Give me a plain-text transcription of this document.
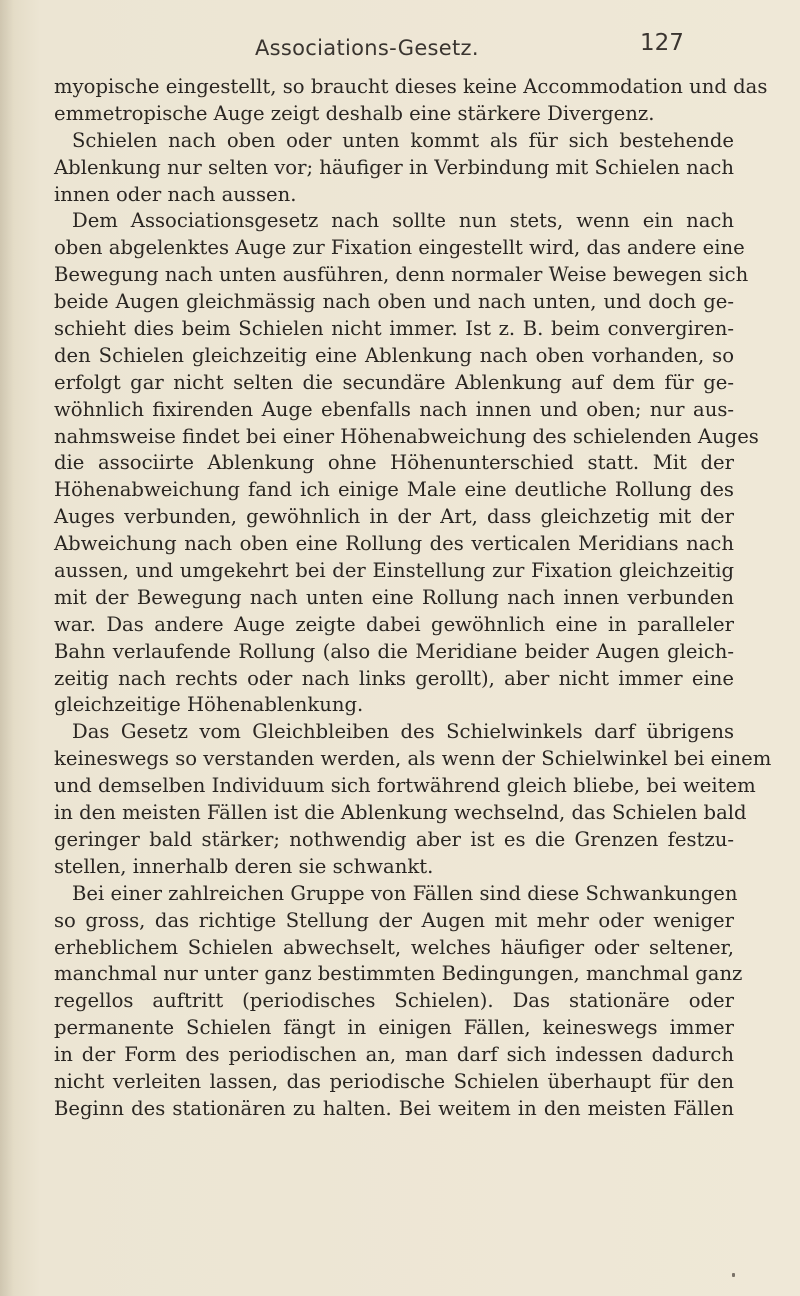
Associations-Gesetz.	127
myopische eingestellt, so braucht dieses keine Accommodation und das
emmetropische Auge zeigt deshalb eine stärkere Divergenz.
Schielen nach oben oder unten kommt als für sich bestehende
Ablenkung nur selten vor; häufiger in Verbindung mit Schielen nach
innen oder nach aussen.
Dem Associationsgesetz nach sollte nun stets, wenn ein nach
oben abgelenktes Auge zur Fixation eingestellt wird, das andere eine
Bewegung nach unten ausführen, denn normaler Weise bewegen sich
beide Augen gleichmässig nach oben und nach unten, und doch ge-
schieht dies beim Schielen nicht immer. Ist z. B. beim convergiren-
den Schielen gleichzeitig eine Ablenkung nach oben vorhanden, so
erfolgt gar nicht selten die secundäre Ablenkung auf dem für ge-
wöhnlich fixirenden Auge ebenfalls nach innen und oben; nur aus-
nahmsweise findet bei einer Höhenabweichung des schielenden Auges
die associirte Ablenkung ohne Höhenunterschied statt. Mit der
Höhenabweichung fand ich einige Male eine deutliche Rollung des
Auges verbunden, gewöhnlich in der Art, dass gleichzetig mit der
Abweichung nach oben eine Rollung des verticalen Meridians nach
aussen, und umgekehrt bei der Einstellung zur Fixation gleichzeitig
mit der Bewegung nach unten eine Rollung nach innen verbunden
war. Das andere Auge zeigte dabei gewöhnlich eine in paralleler
Bahn verlaufende Rollung (also die Meridiane beider Augen gleich-
zeitig nach rechts oder nach links gerollt), aber nicht immer eine
gleichzeitige Höhenablenkung.
Das Gesetz vom Gleichbleiben des Schielwinkels darf übrigens
keineswegs so verstanden werden, als wenn der Schielwinkel bei einem
und demselben Individuum sich fortwährend gleich bliebe, bei weitem
in den meisten Fällen ist die Ablenkung wechselnd, das Schielen bald
geringer bald stärker; nothwendig aber ist es die Grenzen festzu-
stellen, innerhalb deren sie schwankt.
Bei einer zahlreichen Gruppe von Fällen sind diese Schwankungen
so gross, das richtige Stellung der Augen mit mehr oder weniger
erheblichem Schielen abwechselt, welches häufiger oder seltener,
manchmal nur unter ganz bestimmten Bedingungen, manchmal ganz
regellos auftritt (periodisches Schielen). Das stationäre oder
permanente Schielen fängt in einigen Fällen, keineswegs immer
in der Form des periodischen an, man darf sich indessen dadurch
nicht verleiten lassen, das periodische Schielen überhaupt für den
Beginn des stationären zu halten. Bei weitem in den meisten Fällen
